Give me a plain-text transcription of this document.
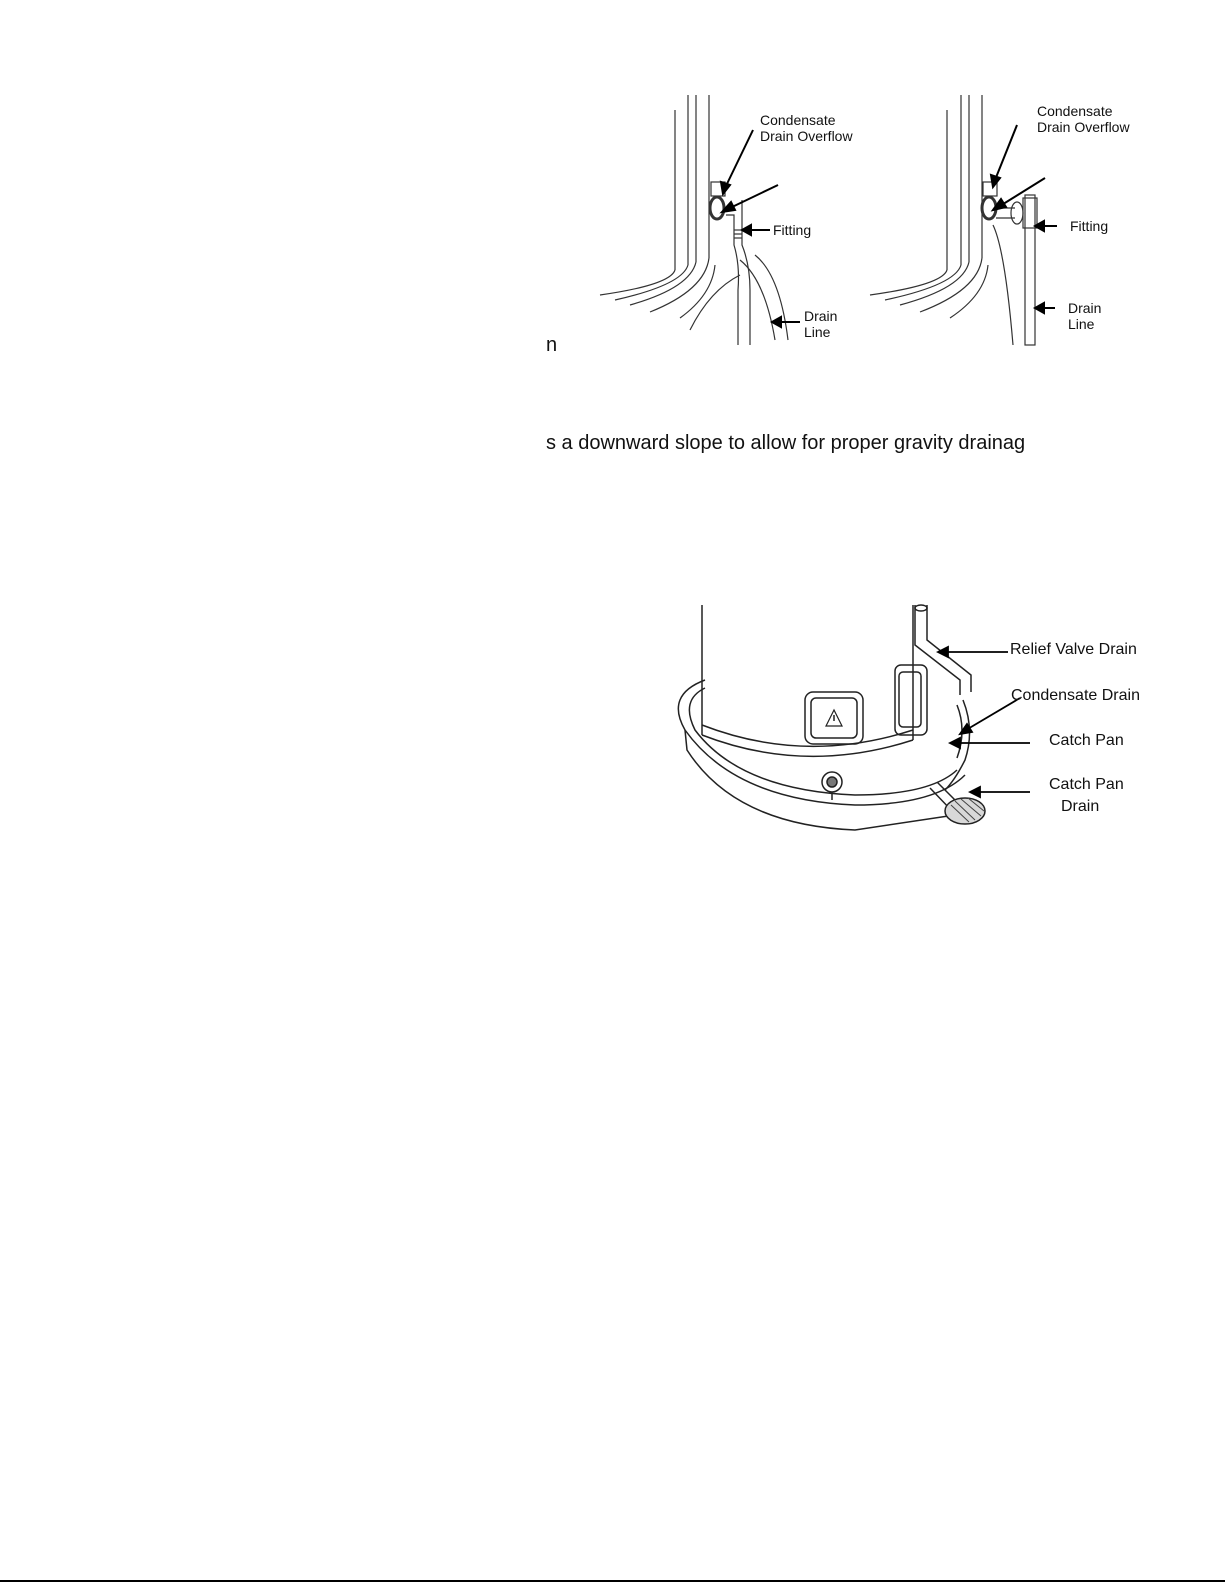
Condensate
Drain Overflow
Fitting
Drain
Line
Condensate
Drain Overflow
Fitting
Drain
Line
n
s a downward slope to allow for proper gravity drainag
Relief Valve Drain
Condensate Drain
Catch Pan
Catch Pan
Drain
